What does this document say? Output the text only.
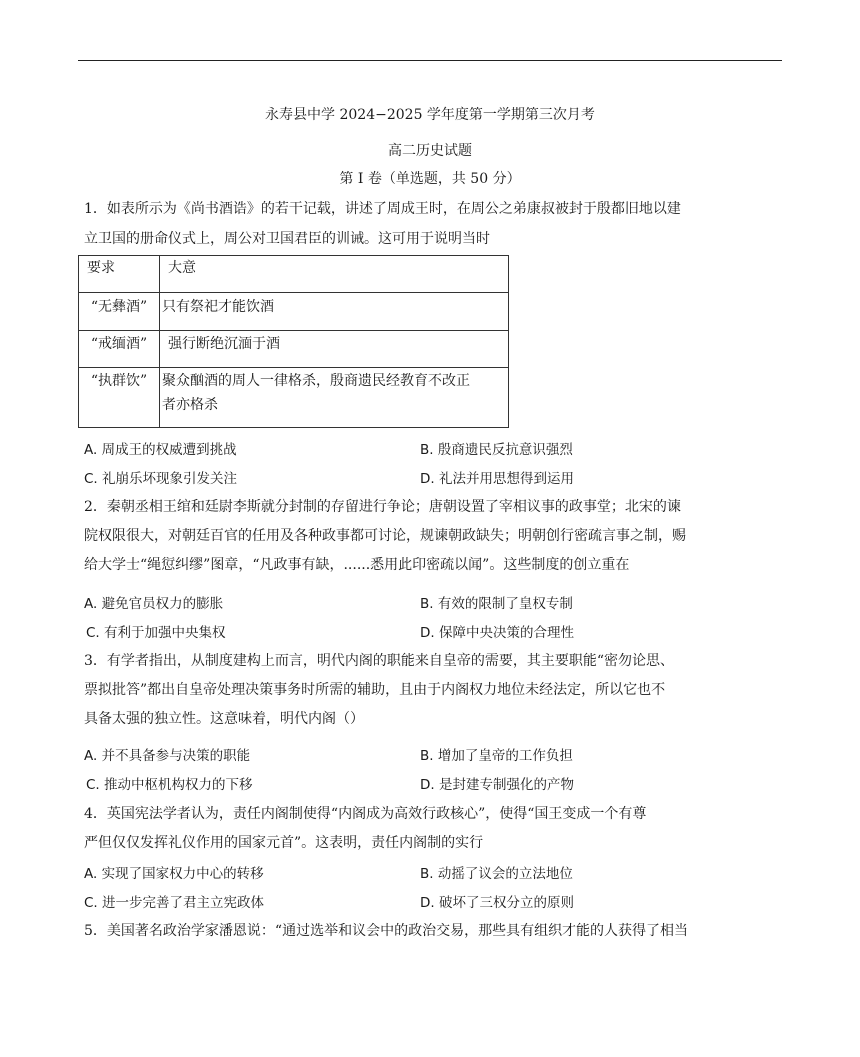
永寿县中学 2024−2025 学年度第一学期第三次月考
高二历史试题
第 I 卷（单选题，共 50 分）
1．如表所示为《尚书酒诰》的若干记载，讲述了周成王时，在周公之弟康叔被封于殷都旧地以建
立卫国的册命仪式上，周公对卫国君臣的训诫。这可用于说明当时
要求	大意

“无彝酒”	只有祭祀才能饮酒

“戒缅酒”	强行断绝沉湎于酒

“执群饮”	聚众酗酒的周人一律格杀，殷商遗民经教育不改正
者亦格杀
A. 周成王的权威遭到挑战	B. 殷商遗民反抗意识强烈
C. 礼崩乐坏现象引发关注	D. 礼法并用思想得到运用
2．秦朝丞相王绾和廷尉李斯就分封制的存留进行争论；唐朝设置了宰相议事的政事堂；北宋的谏
院权限很大，对朝廷百官的任用及各种政事都可讨论，规谏朝政缺失；明朝创行密疏言事之制，赐
给大学士“绳愆纠缪”图章，“凡政事有缺，......悉用此印密疏以闻”。这些制度的创立重在
A. 避免官员权力的膨胀	B. 有效的限制了皇权专制
C. 有利于加强中央集权	D. 保障中央决策的合理性
3．有学者指出，从制度建构上而言，明代内阁的职能来自皇帝的需要，其主要职能“密勿论思、
票拟批答”都出自皇帝处理决策事务时所需的辅助，且由于内阁权力地位未经法定，所以它也不
具备太强的独立性。这意味着，明代内阁（）
A. 并不具备参与决策的职能	B. 增加了皇帝的工作负担
C. 推动中枢机构权力的下移	D. 是封建专制强化的产物
4．英国宪法学者认为，责任内阁制使得“内阁成为高效行政核心”，使得“国王变成一个有尊
严但仅仅发挥礼仪作用的国家元首”。这表明，责任内阁制的实行
A. 实现了国家权力中心的转移	B. 动摇了议会的立法地位
C. 进一步完善了君主立宪政体	D. 破坏了三权分立的原则
5．美国著名政治学家潘恩说：“通过选举和议会中的政治交易，那些具有组织才能的人获得了相当
